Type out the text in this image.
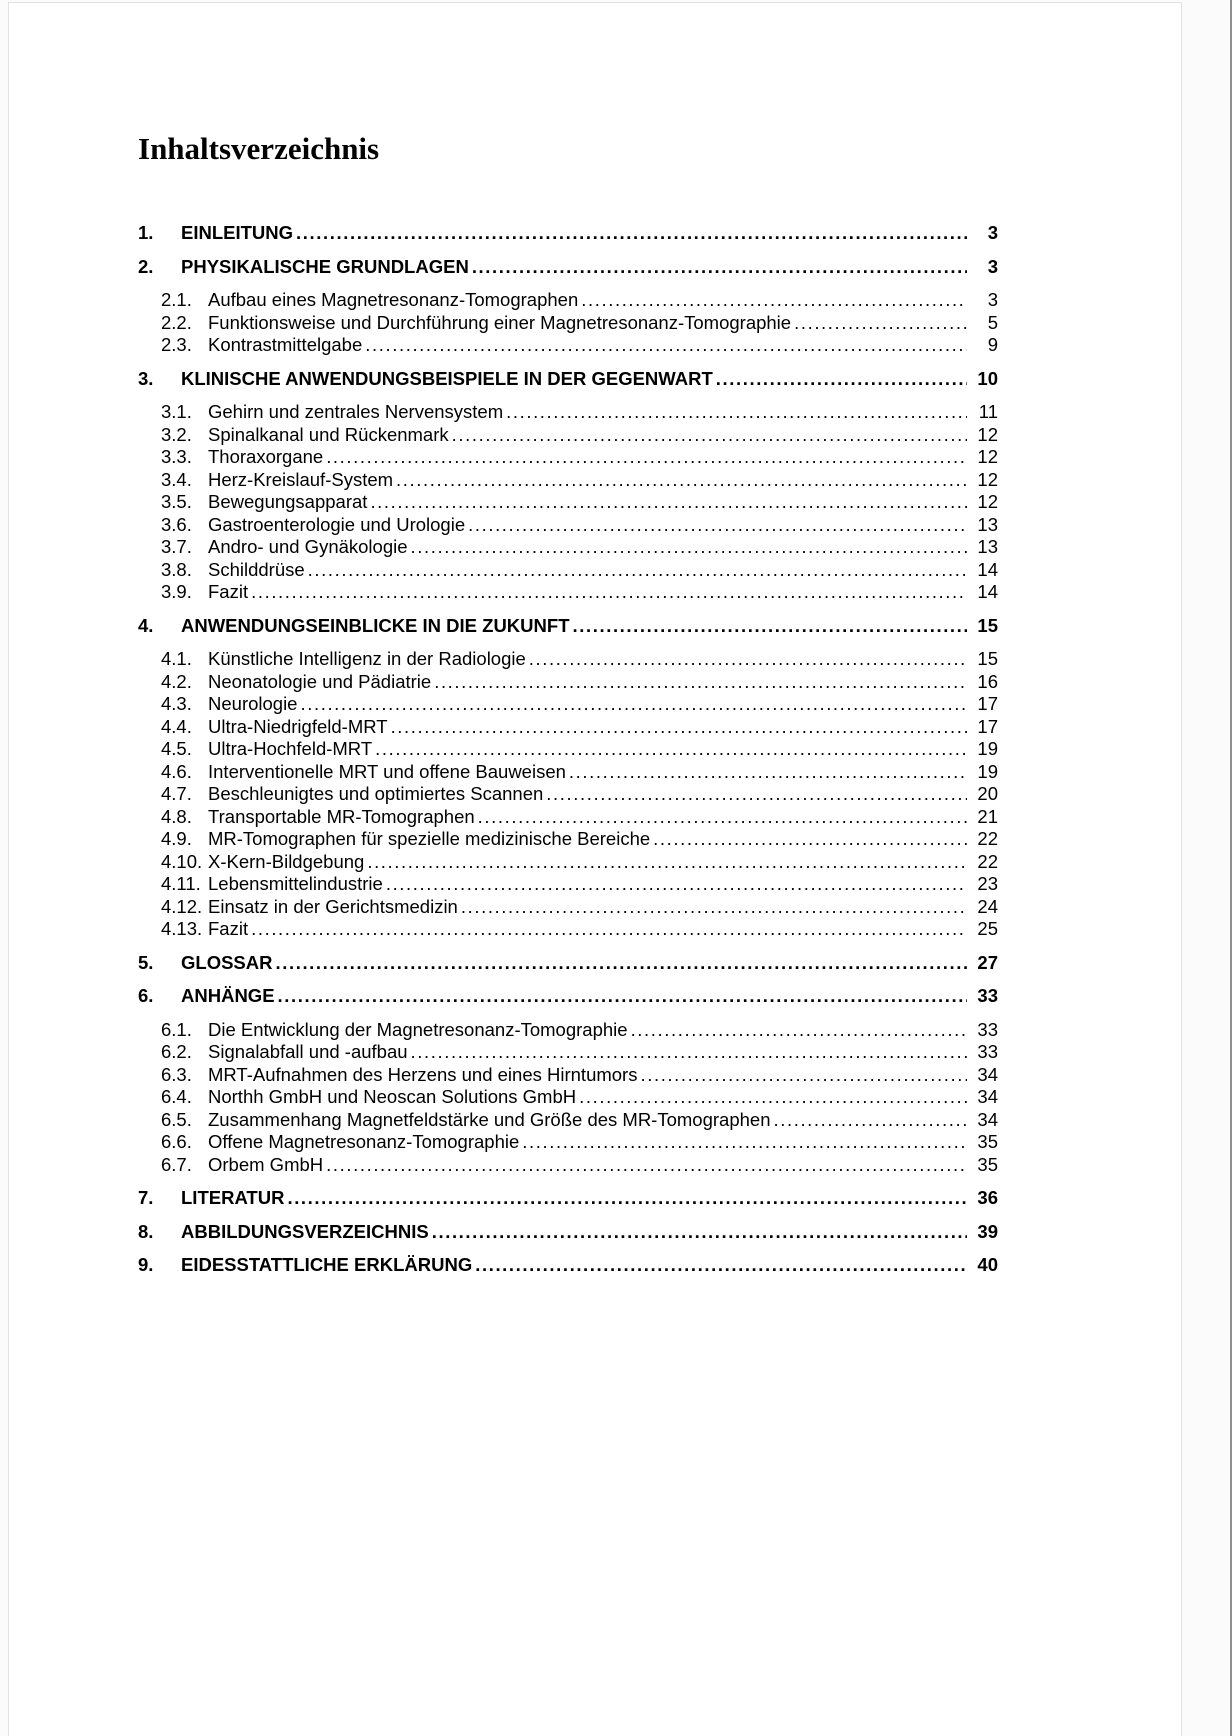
Inhaltsverzeichnis
1.	EINLEITUNG .....	3
2.	PHYSIKALISCHE GRUNDLAGEN .....	3
2.1. Aufbau eines Magnetresonanz-Tomographen .....	3
2.2. Funktionsweise und Durchführung einer Magnetresonanz-Tomographie .....	5
2.3. Kontrastmittelgabe .....	9
3.	KLINISCHE ANWENDUNGSBEISPIELE IN DER GEGENWART .....	10
3.1. Gehirn und zentrales Nervensystem .....	11
3.2. Spinalkanal und Rückenmark .....	12
3.3. Thoraxorgane .....	12
3.4. Herz-Kreislauf-System .....	12
3.5. Bewegungsapparat .....	12
3.6. Gastroenterologie und Urologie .....	13
3.7. Andro- und Gynäkologie .....	13
3.8. Schilddrüse .....	14
3.9. Fazit .....	14
4.	ANWENDUNGSEINBLICKE IN DIE ZUKUNFT .....	15
4.1. Künstliche Intelligenz in der Radiologie .....	15
4.2. Neonatologie und Pädiatrie .....	16
4.3. Neurologie .....	17
4.4. Ultra-Niedrigfeld-MRT .....	17
4.5. Ultra-Hochfeld-MRT .....	19
4.6. Interventionelle MRT und offene Bauweisen .....	19
4.7. Beschleunigtes und optimiertes Scannen .....	20
4.8. Transportable MR-Tomographen .....	21
4.9. MR-Tomographen für spezielle medizinische Bereiche .....	22
4.10. X-Kern-Bildgebung .....	22
4.11. Lebensmittelindustrie .....	23
4.12. Einsatz in der Gerichtsmedizin .....	24
4.13. Fazit .....	25
5.	GLOSSAR .....	27
6.	ANHÄNGE .....	33
6.1. Die Entwicklung der Magnetresonanz-Tomographie .....	33
6.2. Signalabfall und -aufbau .....	33
6.3. MRT-Aufnahmen des Herzens und eines Hirntumors .....	34
6.4. Northh GmbH und Neoscan Solutions GmbH .....	34
6.5. Zusammenhang Magnetfeldstärke und Größe des MR-Tomographen .....	34
6.6. Offene Magnetresonanz-Tomographie .....	35
6.7. Orbem GmbH .....	35
7.	LITERATUR .....	36
8.	ABBILDUNGSVERZEICHNIS .....	39
9.	EIDESSTATTLICHE ERKLÄRUNG .....	40
